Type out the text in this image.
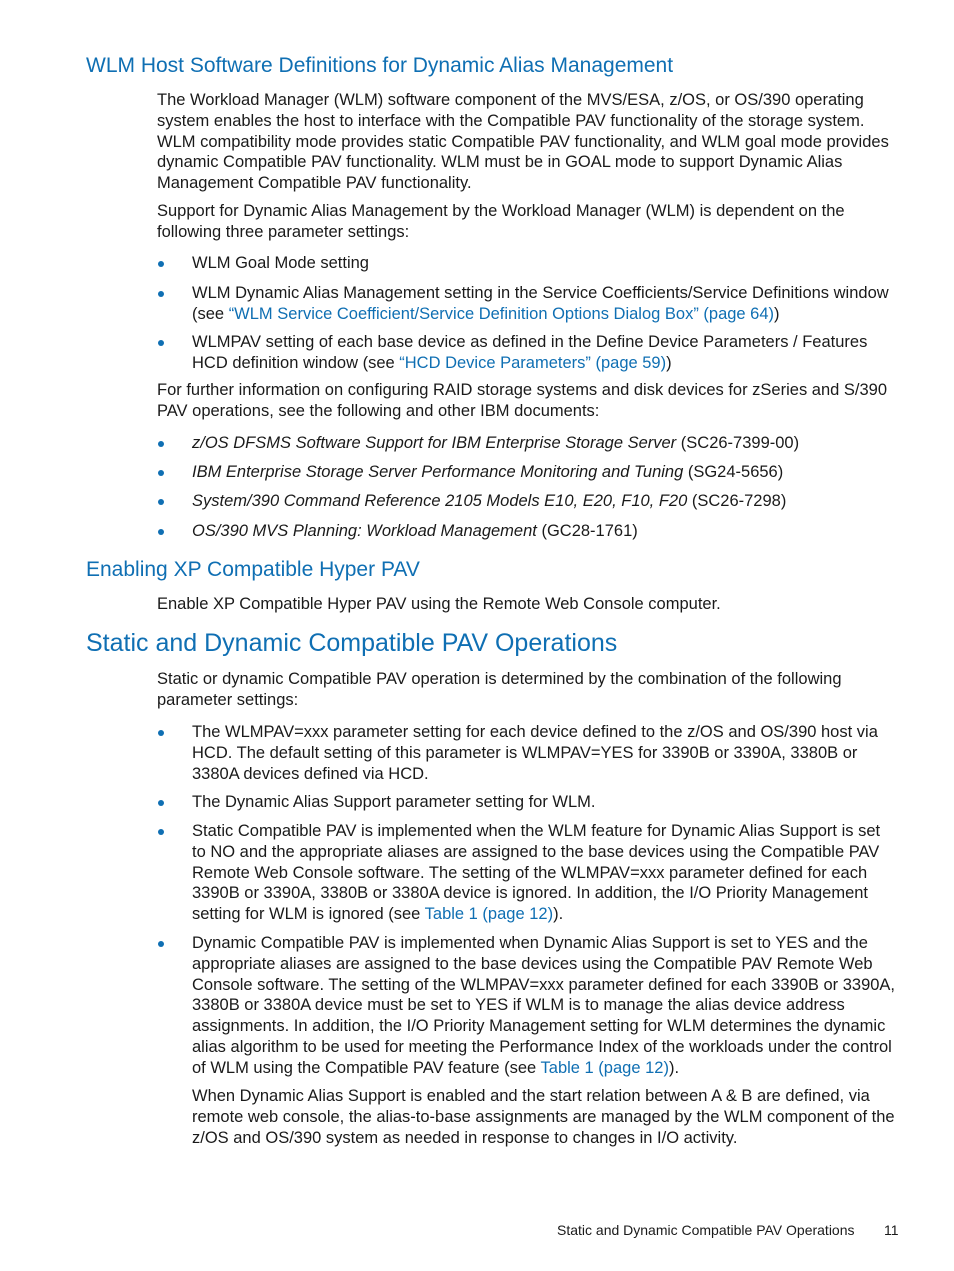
WLM Host Software Definitions for Dynamic Alias Management

The Workload Manager (WLM) software component of the MVS/ESA, z/OS, or OS/390 operating system enables the host to interface with the Compatible PAV functionality of the storage system. WLM compatibility mode provides static Compatible PAV functionality, and WLM goal mode provides dynamic Compatible PAV functionality. WLM must be in GOAL mode to support Dynamic Alias Management Compatible PAV functionality.

Support for Dynamic Alias Management by the Workload Manager (WLM) is dependent on the following three parameter settings:

WLM Goal Mode setting
WLM Dynamic Alias Management setting in the Service Coefficients/Service Definitions window (see “WLM Service Coefficient/Service Definition Options Dialog Box” (page 64))
WLMPAV setting of each base device as defined in the Define Device Parameters / Features HCD definition window (see “HCD Device Parameters” (page 59))

For further information on configuring RAID storage systems and disk devices for zSeries and S/390 PAV operations, see the following and other IBM documents:

z/OS DFSMS Software Support for IBM Enterprise Storage Server (SC26-7399-00)
IBM Enterprise Storage Server Performance Monitoring and Tuning (SG24-5656)
System/390 Command Reference 2105 Models E10, E20, F10, F20 (SC26-7298)
OS/390 MVS Planning: Workload Management (GC28-1761)
Enabling XP Compatible Hyper PAV

Enable XP Compatible Hyper PAV using the Remote Web Console computer.

Static and Dynamic Compatible PAV Operations

Static or dynamic Compatible PAV operation is determined by the combination of the following parameter settings:

The WLMPAV=xxx parameter setting for each device defined to the z/OS and OS/390 host via HCD. The default setting of this parameter is WLMPAV=YES for 3390B or 3390A, 3380B or 3380A devices defined via HCD.
The Dynamic Alias Support parameter setting for WLM.
Static Compatible PAV is implemented when the WLM feature for Dynamic Alias Support is set to NO and the appropriate aliases are assigned to the base devices using the Compatible PAV Remote Web Console software. The setting of the WLMPAV=xxx parameter defined for each 3390B or 3390A, 3380B or 3380A device is ignored. In addition, the I/O Priority Management setting for WLM is ignored (see Table 1 (page 12)).
Dynamic Compatible PAV is implemented when Dynamic Alias Support is set to YES and the appropriate aliases are assigned to the base devices using the Compatible PAV Remote Web Console software. The setting of the WLMPAV=xxx parameter defined for each 3390B or 3390A, 3380B or 3380A device must be set to YES if WLM is to manage the alias device address assignments. In addition, the I/O Priority Management setting for WLM determines the dynamic alias algorithm to be used for meeting the Performance Index of the workloads under the control of WLM using the Compatible PAV feature (see Table 1 (page 12)).

When Dynamic Alias Support is enabled and the start relation between A & B are defined, via remote web console, the alias-to-base assignments are managed by the WLM component of the z/OS and OS/390 system as needed in response to changes in I/O activity.

Static and Dynamic Compatible PAV Operations 11
